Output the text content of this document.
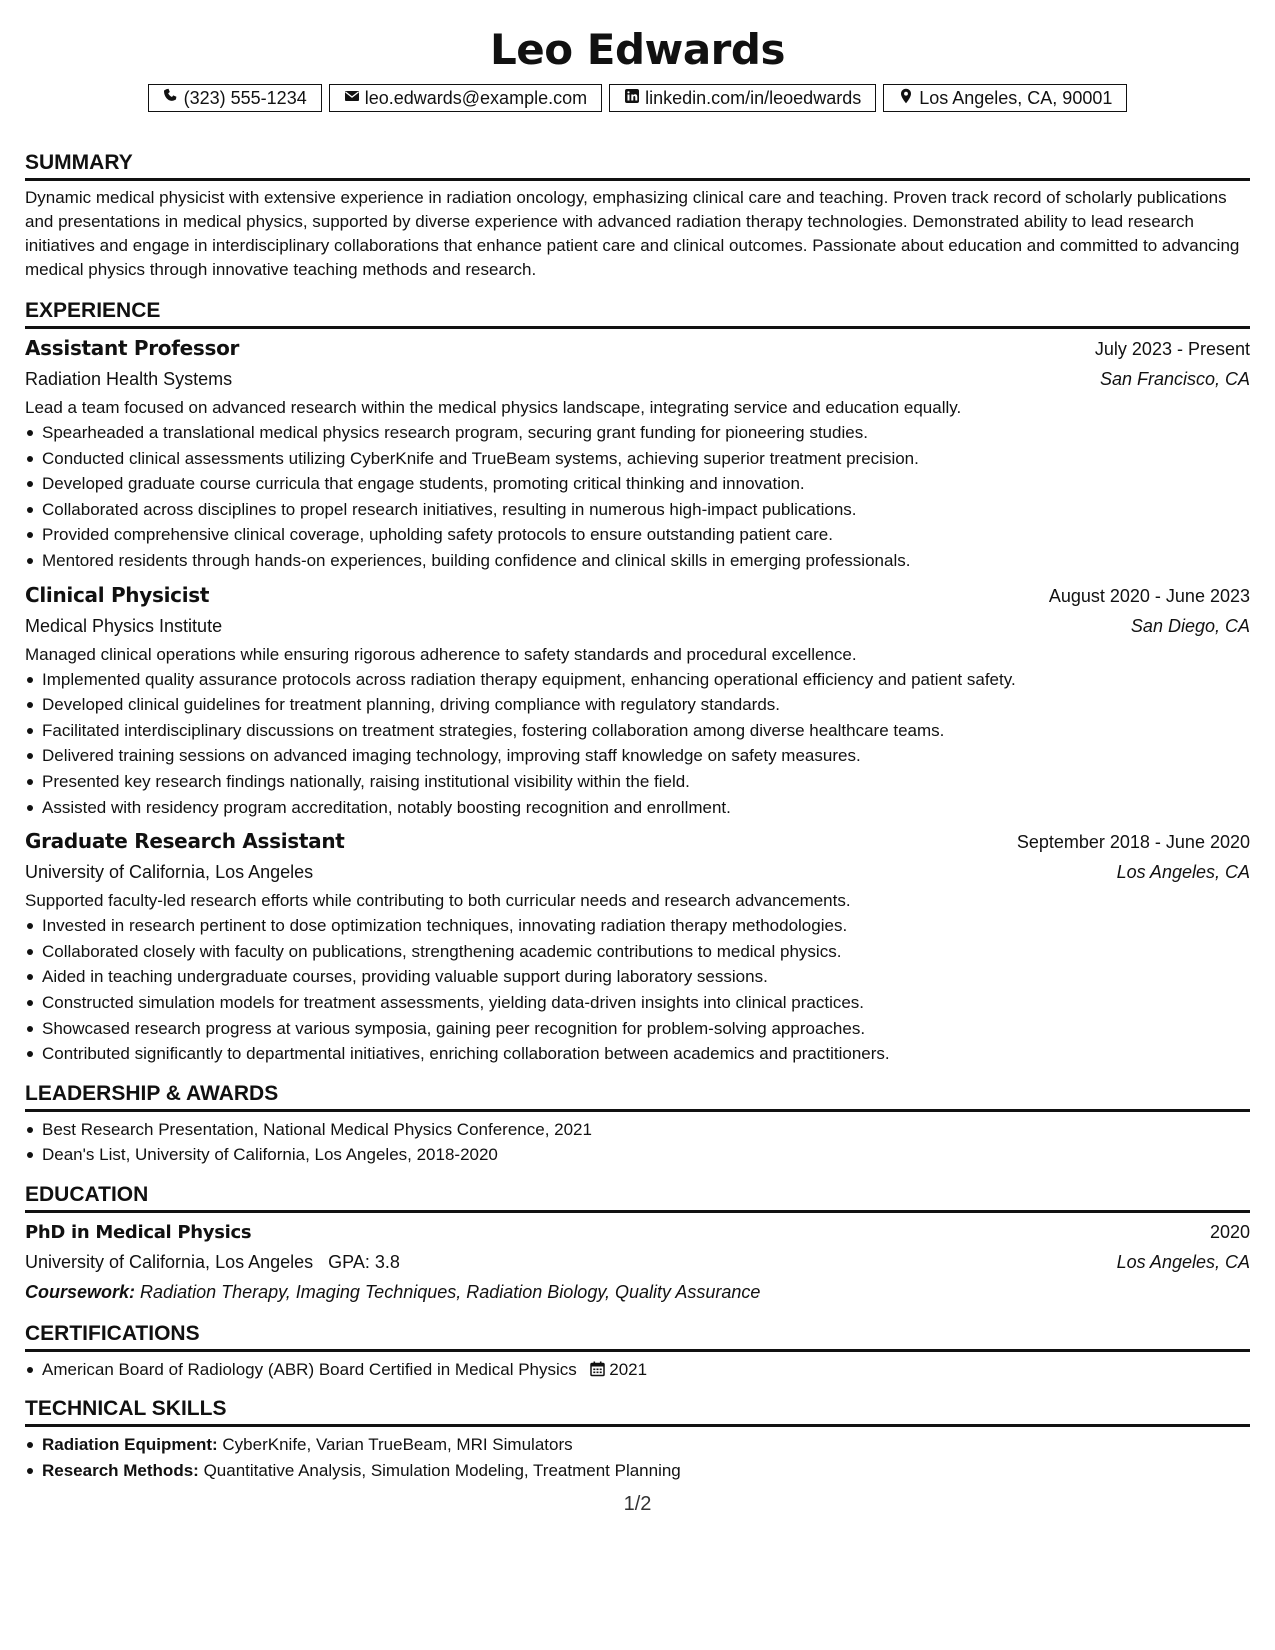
Leo Edwards
(323) 555-1234	leo.edwards@example.com	linkedin.com/in/leoedwards	Los Angeles, CA, 90001
SUMMARY
Dynamic medical physicist with extensive experience in radiation oncology, emphasizing clinical care and teaching. Proven track record of scholarly publications and presentations in medical physics, supported by diverse experience with advanced radiation therapy technologies. Demonstrated ability to lead research initiatives and engage in interdisciplinary collaborations that enhance patient care and clinical outcomes. Passionate about education and committed to advancing medical physics through innovative teaching methods and research.
EXPERIENCE
Assistant Professor	July 2023 - Present
Radiation Health Systems	San Francisco, CA
Lead a team focused on advanced research within the medical physics landscape, integrating service and education equally.
Spearheaded a translational medical physics research program, securing grant funding for pioneering studies.
Conducted clinical assessments utilizing CyberKnife and TrueBeam systems, achieving superior treatment precision.
Developed graduate course curricula that engage students, promoting critical thinking and innovation.
Collaborated across disciplines to propel research initiatives, resulting in numerous high-impact publications.
Provided comprehensive clinical coverage, upholding safety protocols to ensure outstanding patient care.
Mentored residents through hands-on experiences, building confidence and clinical skills in emerging professionals.
Clinical Physicist	August 2020 - June 2023
Medical Physics Institute	San Diego, CA
Managed clinical operations while ensuring rigorous adherence to safety standards and procedural excellence.
Implemented quality assurance protocols across radiation therapy equipment, enhancing operational efficiency and patient safety.
Developed clinical guidelines for treatment planning, driving compliance with regulatory standards.
Facilitated interdisciplinary discussions on treatment strategies, fostering collaboration among diverse healthcare teams.
Delivered training sessions on advanced imaging technology, improving staff knowledge on safety measures.
Presented key research findings nationally, raising institutional visibility within the field.
Assisted with residency program accreditation, notably boosting recognition and enrollment.
Graduate Research Assistant	September 2018 - June 2020
University of California, Los Angeles	Los Angeles, CA
Supported faculty-led research efforts while contributing to both curricular needs and research advancements.
Invested in research pertinent to dose optimization techniques, innovating radiation therapy methodologies.
Collaborated closely with faculty on publications, strengthening academic contributions to medical physics.
Aided in teaching undergraduate courses, providing valuable support during laboratory sessions.
Constructed simulation models for treatment assessments, yielding data-driven insights into clinical practices.
Showcased research progress at various symposia, gaining peer recognition for problem-solving approaches.
Contributed significantly to departmental initiatives, enriching collaboration between academics and practitioners.
LEADERSHIP & AWARDS
Best Research Presentation, National Medical Physics Conference, 2021
Dean's List, University of California, Los Angeles, 2018-2020
EDUCATION
PhD in Medical Physics	2020
University of California, Los Angeles GPA: 3.8	Los Angeles, CA
Coursework: Radiation Therapy, Imaging Techniques, Radiation Biology, Quality Assurance
CERTIFICATIONS
American Board of Radiology (ABR) Board Certified in Medical Physics 2021
TECHNICAL SKILLS
Radiation Equipment: CyberKnife, Varian TrueBeam, MRI Simulators
Research Methods: Quantitative Analysis, Simulation Modeling, Treatment Planning
1/2
